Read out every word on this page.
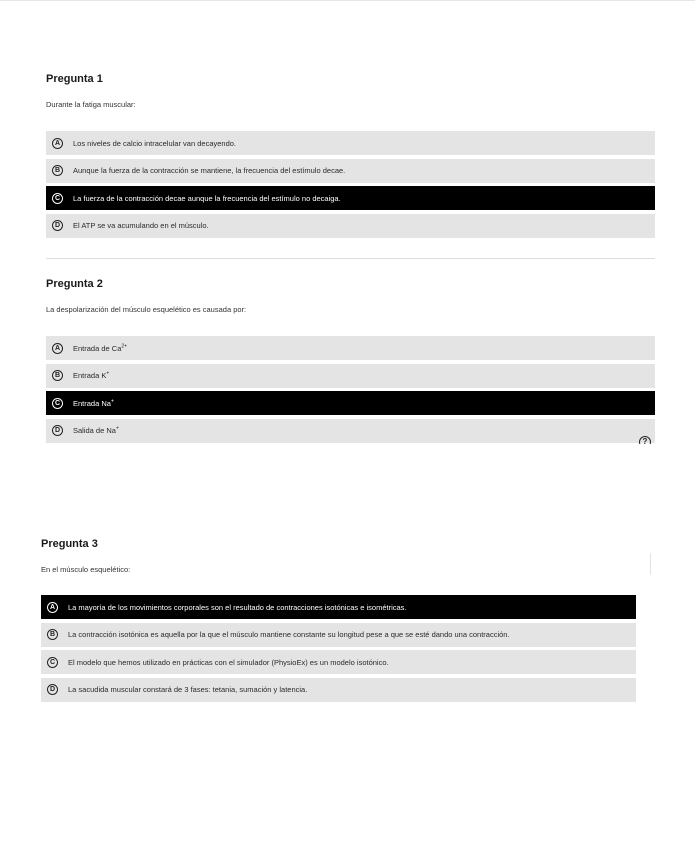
Pregunta 1

Durante la fatiga muscular:

A	Los niveles de calcio intracelular van decayendo.
B	Aunque la fuerza de la contracción se mantiene, la frecuencia del estímulo decae.
C	La fuerza de la contracción decae aunque la frecuencia del estímulo no decaiga.
D	El ATP se va acumulando en el músculo.
Pregunta 2

La despolarización del músculo esquelético es causada por:

A	Entrada de $Ca^{2+}$
B	Entrada K+
C	Entrada Na+
D	Salida de Na+
?
Pregunta 3

En el músculo esquelético:

A	La mayoría de los movimientos corporales son el resultado de contracciones isotónicas e isométricas.
B	La contracción isotónica es aquella por la que el músculo mantiene constante su longitud pese a que se esté dando una contracción.
C	El modelo que hemos utilizado en prácticas con el simulador (PhysioEx) es un modelo isotónico.
D	La sacudida muscular constará de 3 fases: tetania, sumación y latencia.
